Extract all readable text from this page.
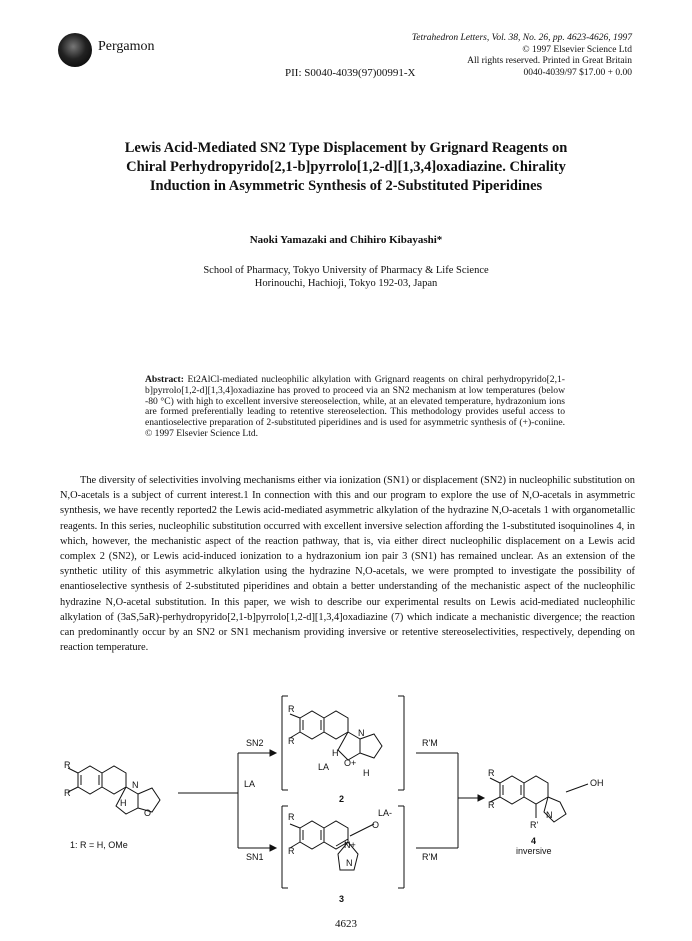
Pergamon
Tetrahedron Letters, Vol. 38, No. 26, pp. 4623-4626, 1997
© 1997 Elsevier Science Ltd
All rights reserved. Printed in Great Britain
0040-4039/97 $17.00 + 0.00
PII: S0040-4039(97)00991-X
Lewis Acid-Mediated SN2 Type Displacement by Grignard Reagents on
Chiral Perhydropyrido[2,1-b]pyrrolo[1,2-d][1,3,4]oxadiazine. Chirality
Induction in Asymmetric Synthesis of 2-Substituted Piperidines
Naoki Yamazaki and Chihiro Kibayashi*
School of Pharmacy, Tokyo University of Pharmacy & Life Science
Horinouchi, Hachioji, Tokyo 192-03, Japan
Abstract: Et2AlCl-mediated nucleophilic alkylation with Grignard reagents on chiral perhydropyrido[2,1-b]pyrrolo[1,2-d][1,3,4]oxadiazine has proved to proceed via an SN2 mechanism at low temperatures (below -80 °C) with high to excellent inversive stereoselection, while, at an elevated temperature, hydrazonium ions are formed preferentially leading to retentive stereoselection. This methodology provides useful access to enantioselective preparation of 2-substituted piperidines and is used for asymmetric synthesis of (+)-coniine. © 1997 Elsevier Science Ltd.

The diversity of selectivities involving mechanisms either via ionization (SN1) or displacement (SN2) in nucleophilic substitution on N,O-acetals is a subject of current interest.1 In connection with this and our program to explore the use of N,O-acetals in asymmetric synthesis, we have recently reported2 the Lewis acid-mediated asymmetric alkylation of the hydrazine N,O-acetals 1 with organometallic reagents. In this series, nucleophilic substitution occurred with excellent inversive selection affording the 1-substituted isoquinolines 4, in which, however, the mechanistic aspect of the reaction pathway, that is, via either direct nucleophilic displacement on a Lewis acid complex 2 (SN2), or Lewis acid-induced ionization to a hydrazonium ion pair 3 (SN1) has remained unclear. As an extension of the synthetic utility of this asymmetric alkylation using the hydrazine N,O-acetals, we were prompted to investigate the possibility of enantioselective synthesis of 2-substituted piperidines and obtain a better understanding of the mechanistic aspect of the nucleophilic hydrazine N,O-acetal substitution. In this paper, we wish to describe our experimental results on Lewis acid-mediated nucleophilic alkylation of (3aS,5aR)-perhydropyrido[2,1-b]pyrrolo[1,2-d][1,3,4]oxadiazine (7) which indicate a mechanistic divergence; the reaction can predominantly occur by an SN2 or SN1 mechanism providing inversive or retentive stereoselectivities, respectively, depending on reaction temperature.

R
R
N
H
O
LA
SN2
SN1
R
R
N
H
O+
LA
H
2
R'M
R
R
N+
N
O
LA-
3
R'M
R
R
N
R'
OH
4
inversive
1: R = H, OMe
4623
